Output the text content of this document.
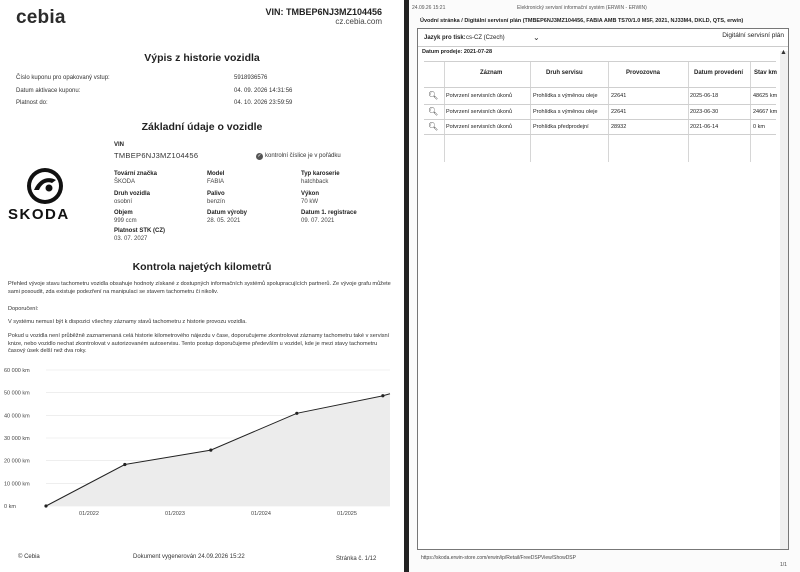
cebia	VIN: TMBEP6NJ3MZ104456
cz.cebia.com
Výpis z historie vozidla
Číslo kuponu pro opakovaný vstup:	5918936576
Datum aktivace kuponu:	04. 09. 2026 14:31:56
Platnost do:	04. 10. 2026 23:59:59
Základní údaje o vozidle
VIN
TMBEP6NJ3MZ104456	✓ kontrolní číslice je v pořádku
SKODA
Tovární značka
ŠKODA
Model
FABIA
Typ karoserie
hatchback
Druh vozidla
osobní
Palivo
benzín
Výkon
70 kW
Objem
999 ccm
Datum výroby
28. 05. 2021
Datum 1. registrace
09. 07. 2021
Platnost STK (CZ)
03. 07. 2027
Kontrola najetých kilometrů
Přehled vývoje stavu tachometru vozidla obsahuje hodnoty získané z dostupných informačních systémů spolupracujících partnerů. Ze vývoje grafu můžete sami posoudit, zda existuje podezření na manipulaci se stavem tachometru či nikoliv.
Doporučení:
V systému nemusí být k dispozici všechny záznamy stavů tachometru z historie provozu vozidla.
Pokud u vozidla není průběžně zaznamenaná celá historie kilometrového nájezdu v čase, doporučujeme zkontrolovat záznamy tachometru také v servisní knize, nebo vozidlo nechat zkontrolovat v autorizovaném autoservisu. Tento postup doporučujeme především u vozidel, kde je mezi stavy tachometru časový úsek delší než dva roky.
0 km
10 000 km
20 000 km
30 000 km
40 000 km
50 000 km
60 000 km
01/2022	01/2023	01/2024	01/2025
© Cebia	Dokument vygenerován 24.09.2026 15:22	Stránka č. 1/12
24.09.26 15:21	Elektronický servisní informační systém (ERWIN - ERWIN)
Úvodní stránka / Digitální servisní plán (TMBEP6NJ3MZ104456, FABIA AMB TS70/1.0 M5F, 2021, NJ33M4, DKLD, QTS, erwin)
Jazyk pro tisk: cs-CZ (Czech)	⌄	Digitální servisní plán
Datum prodeje: 2021-07-28
Záznam	Druh servisu	Provozovna	Datum provedení Stav km
🔍︎ Potvrzení servisních úkonů	Prohlídka s výměnou oleje 22641	2025-06-18	48625 km
🔍︎ Potvrzení servisních úkonů	Prohlídka s výměnou oleje 22641	2023-06-30	24667 km
🔍︎ Potvrzení servisních úkonů	Prohlídka předprodejní	28932	2021-06-14	0 km
▲
https://skoda.erwin-store.com/erwin/ip/Retail/FreeDSPView/ShowDSP
1/1
